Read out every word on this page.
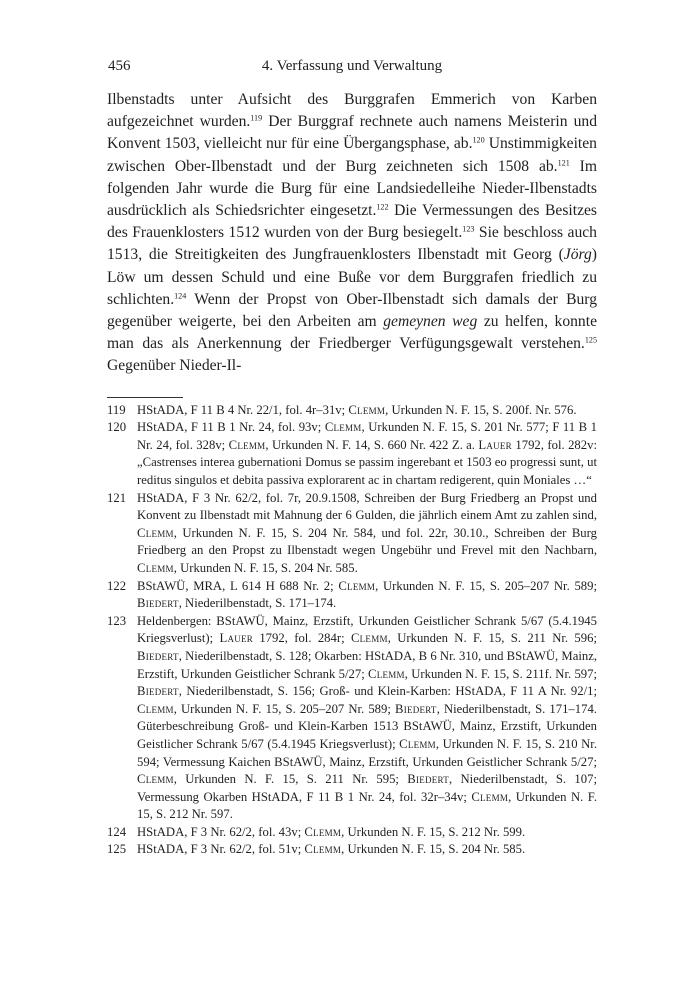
456	4. Verfassung und Verwaltung
Ilbenstadts unter Aufsicht des Burggrafen Emmerich von Karben aufgezeichnet wurden.$^{119}$ Der Burggraf rechnete auch namens Meisterin und Konvent 1503, vielleicht nur für eine Übergangsphase, ab.$^{120}$ Unstimmigkeiten zwischen Ober-Ilbenstadt und der Burg zeichneten sich 1508 ab.$^{121}$ Im folgenden Jahr wurde die Burg für eine Landsiedelleihe Nieder-Ilbenstadts ausdrücklich als Schiedsrichter eingesetzt.$^{122}$ Die Vermessungen des Besitzes des Frauenklosters 1512 wurden von der Burg besiegelt.$^{123}$ Sie beschloss auch 1513, die Streitigkeiten des Jungfrauenklosters Ilbenstadt mit Georg (Jörg) Löw um dessen Schuld und eine Buße vor dem Burggrafen friedlich zu schlichten.$^{124}$ Wenn der Propst von Ober-Ilbenstadt sich damals der Burg gegenüber weigerte, bei den Arbeiten am gemeynen weg zu helfen, konnte man das als Anerkennung der Friedberger Verfügungsgewalt verstehen.$^{125}$ Gegenüber Nieder-Il-
119 HStADA, F 11 B 4 Nr. 22/1, fol. 4r–31v; Clemm, Urkunden N. F. 15, S. 200f. Nr. 576.
120 HStADA, F 11 B 1 Nr. 24, fol. 93v; Clemm, Urkunden N. F. 15, S. 201 Nr. 577; F 11 B 1 Nr. 24, fol. 328v; Clemm, Urkunden N. F. 14, S. 660 Nr. 422 Z. a. Lauer 1792, fol. 282v: „Castrenses interea gubernationi Domus se passim ingerebant et 1503 eo progressi sunt, ut reditus singulos et debita passiva explorarent ac in chartam redigerent, quin Moniales …“
121 HStADA, F 3 Nr. 62/2, fol. 7r, 20.9.1508, Schreiben der Burg Friedberg an Propst und Konvent zu Ilbenstadt mit Mahnung der 6 Gulden, die jährlich einem Amt zu zahlen sind, Clemm, Urkunden N. F. 15, S. 204 Nr. 584, und fol. 22r, 30.10., Schreiben der Burg Friedberg an den Propst zu Ilbenstadt wegen Ungebühr und Frevel mit den Nachbarn, Clemm, Urkunden N. F. 15, S. 204 Nr. 585.
122 BStAWÜ, MRA, L 614 H 688 Nr. 2; Clemm, Urkunden N. F. 15, S. 205–207 Nr. 589; Biedert, Niederilbenstadt, S. 171–174.
123 Heldenbergen: BStAWÜ, Mainz, Erzstift, Urkunden Geistlicher Schrank 5/67 (5.4.1945 Kriegsverlust); Lauer 1792, fol. 284r; Clemm, Urkunden N. F. 15, S. 211 Nr. 596; Biedert, Niederilbenstadt, S. 128; Okarben: HStADA, B 6 Nr. 310, und BStAWÜ, Mainz, Erzstift, Urkunden Geistlicher Schrank 5/27; Clemm, Urkunden N. F. 15, S. 211f. Nr. 597; Biedert, Niederilbenstadt, S. 156; Groß- und Klein-Karben: HStADA, F 11 A Nr. 92/1; Clemm, Urkunden N. F. 15, S. 205–207 Nr. 589; Biedert, Niederilbenstadt, S. 171–174. Güterbeschreibung Groß- und Klein-Karben 1513 BStAWÜ, Mainz, Erzstift, Urkunden Geistlicher Schrank 5/67 (5.4.1945 Kriegsverlust); Clemm, Urkunden N. F. 15, S. 210 Nr. 594; Vermessung Kaichen BStAWÜ, Mainz, Erzstift, Urkunden Geistlicher Schrank 5/27; Clemm, Urkunden N. F. 15, S. 211 Nr. 595; Biedert, Niederilbenstadt, S. 107; Vermessung Okarben HStADA, F 11 B 1 Nr. 24, fol. 32r–34v; Clemm, Urkunden N. F. 15, S. 212 Nr. 597.
124 HStADA, F 3 Nr. 62/2, fol. 43v; Clemm, Urkunden N. F. 15, S. 212 Nr. 599.
125 HStADA, F 3 Nr. 62/2, fol. 51v; Clemm, Urkunden N. F. 15, S. 204 Nr. 585.
